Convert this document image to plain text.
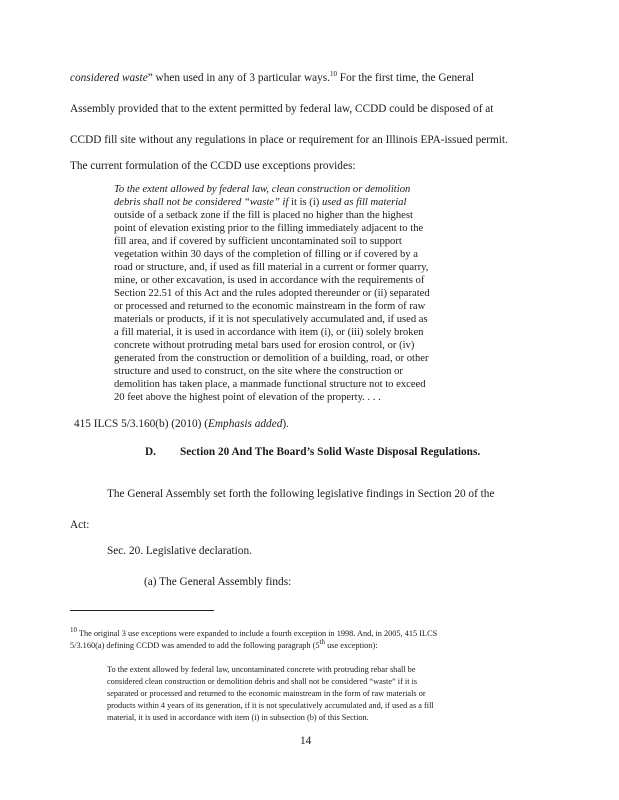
considered waste” when used in any of 3 particular ways.$^{10}$ For the first time, the General
Assembly provided that to the extent permitted by federal law, CCDD could be disposed of at
CCDD fill site without any regulations in place or requirement for an Illinois EPA-issued permit.
The current formulation of the CCDD use exceptions provides:
To the extent allowed by federal law, clean construction or demolition
debris shall not be considered “waste” if it is (i) used as fill material
outside of a setback zone if the fill is placed no higher than the highest
point of elevation existing prior to the filling immediately adjacent to the
fill area, and if covered by sufficient uncontaminated soil to support
vegetation within 30 days of the completion of filling or if covered by a
road or structure, and, if used as fill material in a current or former quarry,
mine, or other excavation, is used in accordance with the requirements of
Section 22.51 of this Act and the rules adopted thereunder or (ii) separated
or processed and returned to the economic mainstream in the form of raw
materials or products, if it is not speculatively accumulated and, if used as
a fill material, it is used in accordance with item (i), or (iii) solely broken
concrete without protruding metal bars used for erosion control, or (iv)
generated from the construction or demolition of a building, road, or other
structure and used to construct, on the site where the construction or
demolition has taken place, a manmade functional structure not to exceed
20 feet above the highest point of elevation of the property. . . .
415 ILCS 5/3.160(b) (2010) (Emphasis added).
D. Section 20 And The Board’s Solid Waste Disposal Regulations.
The General Assembly set forth the following legislative findings in Section 20 of the
Act:
Sec. 20. Legislative declaration.
(a) The General Assembly finds:
$^{10}$ The original 3 use exceptions were expanded to include a fourth exception in 1998. And, in 2005, 415 ILCS
5/3.160(a) defining CCDD was amended to add the following paragraph (5th use exception):
To the extent allowed by federal law, uncontaminated concrete with protruding rebar shall be
considered clean construction or demolition debris and shall not be considered “waste” if it is
separated or processed and returned to the economic mainstream in the form of raw materials or
products within 4 years of its generation, if it is not speculatively accumulated and, if used as a fill
material, it is used in accordance with item (i) in subsection (b) of this Section.
14
